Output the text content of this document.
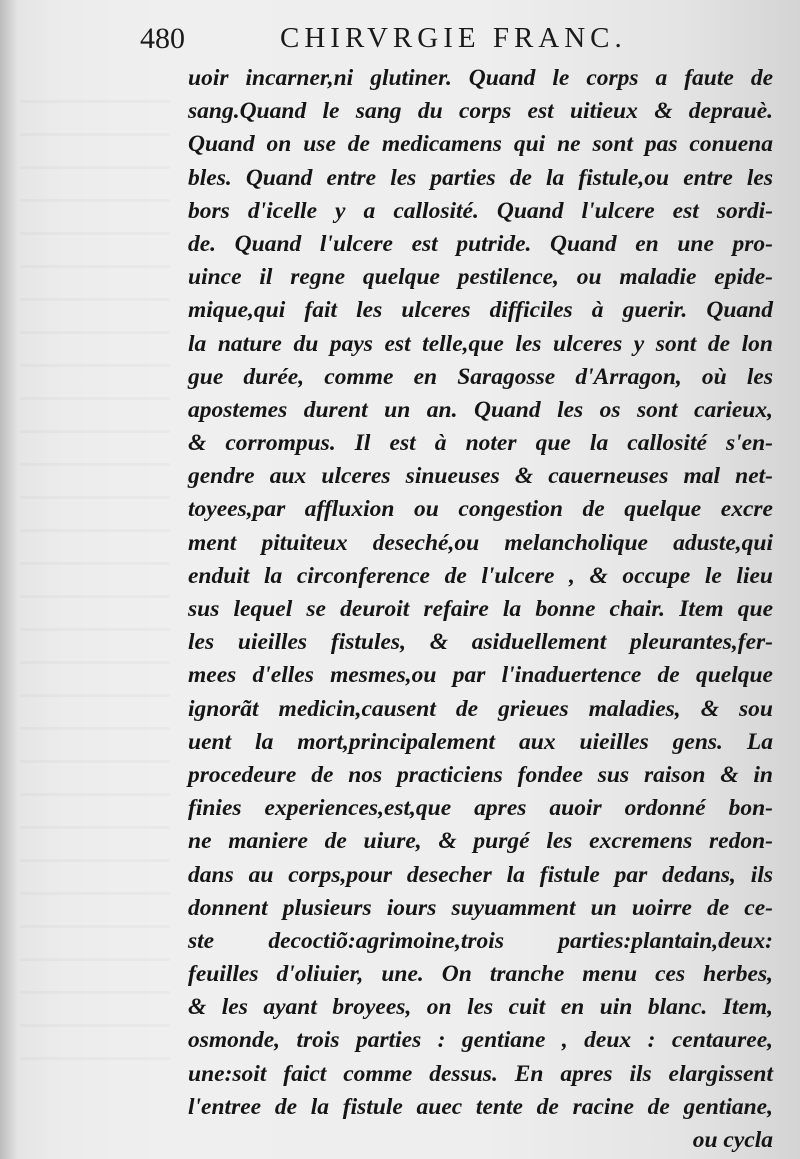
480	CHIRVRGIE FRANC.
uoir incarner,ni glutiner. Quand le corps a faute de
sang.Quand le sang du corps est uitieux & deprauè.
Quand on use de medicamens qui ne sont pas conuena
bles. Quand entre les parties de la fistule,ou entre les
bors d'icelle y a callosité. Quand l'ulcere est sordi-
de. Quand l'ulcere est putride. Quand en une pro-
uince il regne quelque pestilence, ou maladie epide-
mique,qui fait les ulceres difficiles à guerir. Quand
la nature du pays est telle,que les ulceres y sont de lon
gue durée, comme en Saragosse d'Arragon, où les
apostemes durent un an. Quand les os sont carieux,
& corrompus. Il est à noter que la callosité s'en-
gendre aux ulceres sinueuses & cauerneuses mal net-
toyees,par affluxion ou congestion de quelque excre
ment pituiteux deseché,ou melancholique aduste,qui
enduit la circonference de l'ulcere , & occupe le lieu
sus lequel se deuroit refaire la bonne chair. Item que
les uieilles fistules, & asiduellement pleurantes,fer-
mees d'elles mesmes,ou par l'inaduertence de quelque
ignorãt medicin,causent de grieues maladies, & sou
uent la mort,principalement aux uieilles gens. La
procedeure de nos practiciens fondee sus raison & in
finies experiences,est,que apres auoir ordonné bon-
ne maniere de uiure, & purgé les excremens redon-
dans au corps,pour desecher la fistule par dedans, ils
donnent plusieurs iours suyuamment un uoirre de ce-
ste decoctiõ:agrimoine,trois parties:plantain,deux:
feuilles d'oliuier, une. On tranche menu ces herbes,
& les ayant broyees, on les cuit en uin blanc. Item,
osmonde, trois parties : gentiane , deux : centauree,
une:soit faict comme dessus. En apres ils elargissent
l'entree de la fistule auec tente de racine de gentiane,
ou cycla
